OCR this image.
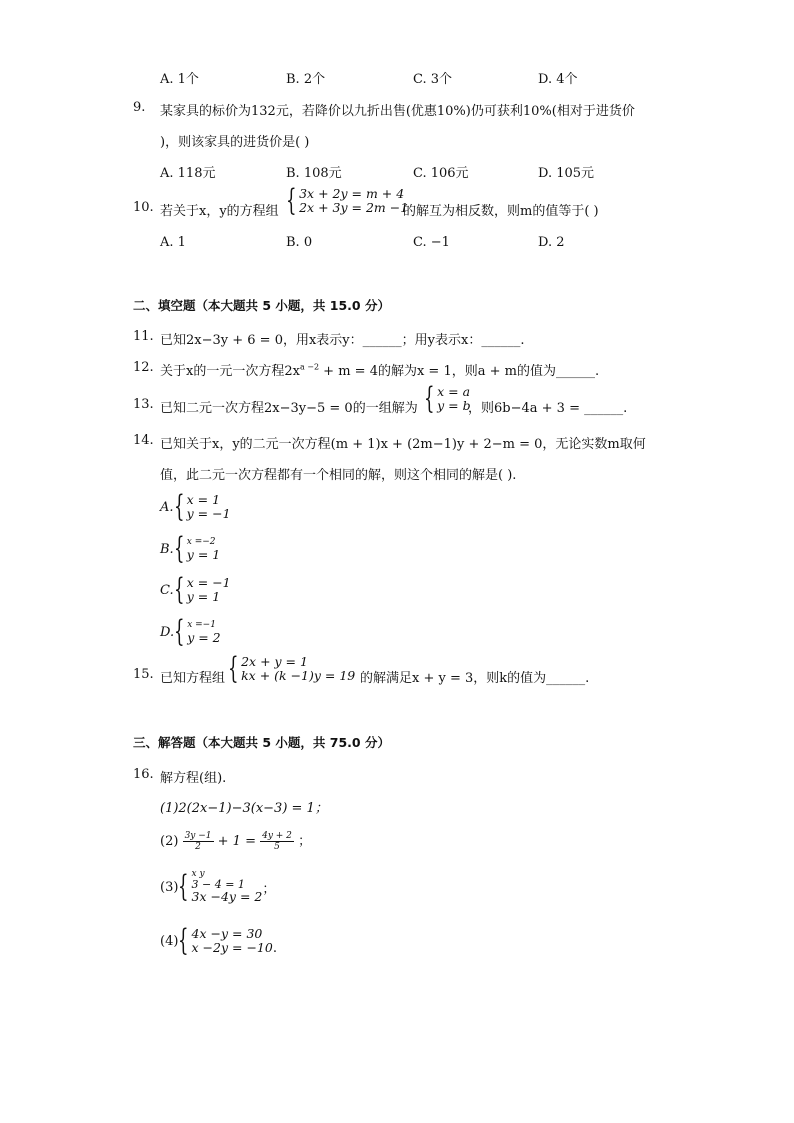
A. 1个	B. 2个	C. 3个	D. 4个
9. 某家具的标价为132元，若降价以九折出售(优惠10%)仍可获利10%(相对于进货价
)，则该家具的进货价是( )
A. 118元	B. 108元	C. 106元	D. 105元
10. 若关于x，y的方程组 { 3x + 2y = m + 4
2x + 3y = 2m −1
的解互为相反数，则m的值等于( )
A. 1	B. 0	C. −1	D. 2
二、填空题（本大题共 5 小题，共 15.0 分）
11. 已知2x−3y + 6 = 0，用x表示y：______；用y表示x：______.
12. 关于x的一元一次方程$2x^{a -2} + m = 4$的解为x = 1，则a + m的值为______.
13. 已知二元一次方程2x−3y−5 = 0的一组解为 { x = a
y = b
，则6b−4a + 3 = ______.
14. 已知关于x，y的二元一次方程(m + 1)x + (2m−1)y + 2−m = 0，无论实数m取何
值，此二元一次方程都有一个相同的解，则这个相同的解是( ).
A. { x = 1
y = −1
B. { x =−2
y = 1
C. { x = −1
y = 1
D. { x =−1
y = 2
15. 已知方程组 { 2x + y = 1
kx + (k −1)y = 19 的解满足x + y = 3，则k的值为______.
三、解答题（本大题共 5 小题，共 75.0 分）
16. 解方程(组).
(1)2(2x−1)−3(x−3) = 1；
$(2) \frac{3y -1}{2} + 1 = \frac{4y + 2}{5}$ ；
(3) { x y
3 − 4 = 1
3x −4y = 2 ；
(4) { 4x −y = 30
x −2y = −10 .
